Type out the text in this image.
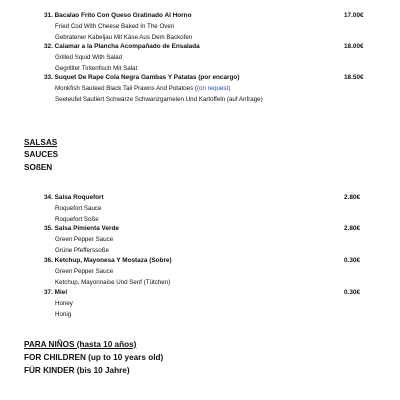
31. Bacalao Frito Con Queso Gratinado Al Horno	17.00€
Fried Cod With Cheese Baked In The Oven
Gebratener Kabeljau Mit Käse Aus Dem Backofen
32. Calamar a la Plancha Acompañado de Ensalada	18.00€
Grilled Squid With Salad
Gegrillter Tintenfisch Mit Salat
33. Suquet De Rape Cola Negra Gambas Y Patatas (por encargo)	18.50€
Monkfish Sauteed Black Tail Prawns And Potatoes ((on request)
Seeteufel Sautiert Schwarze Schwanzgarnelen Und Kartoffeln (auf Anfrage)
SALSAS
SAUCES
SOßEN
34. Salsa Roquefort	2.80€
Roquefort Sauce
Roquefort Soße
35. Salsa Pimienta Verde	2.80€
Green Pepper Sauce
Grüne Pfefferssoße
36. Ketchup, Mayonesa Y Mostaza (Sobre)	0.30€
Green Pepper Sauce
Ketchup, Mayonnaise Und Senf (Tütchen)
37. Miel	0.30€
Honey
Honig
PARA NIÑOS (hasta 10 años)
FOR CHILDREN (up to 10 years old)
FÜR KINDER (bis 10 Jahre)
